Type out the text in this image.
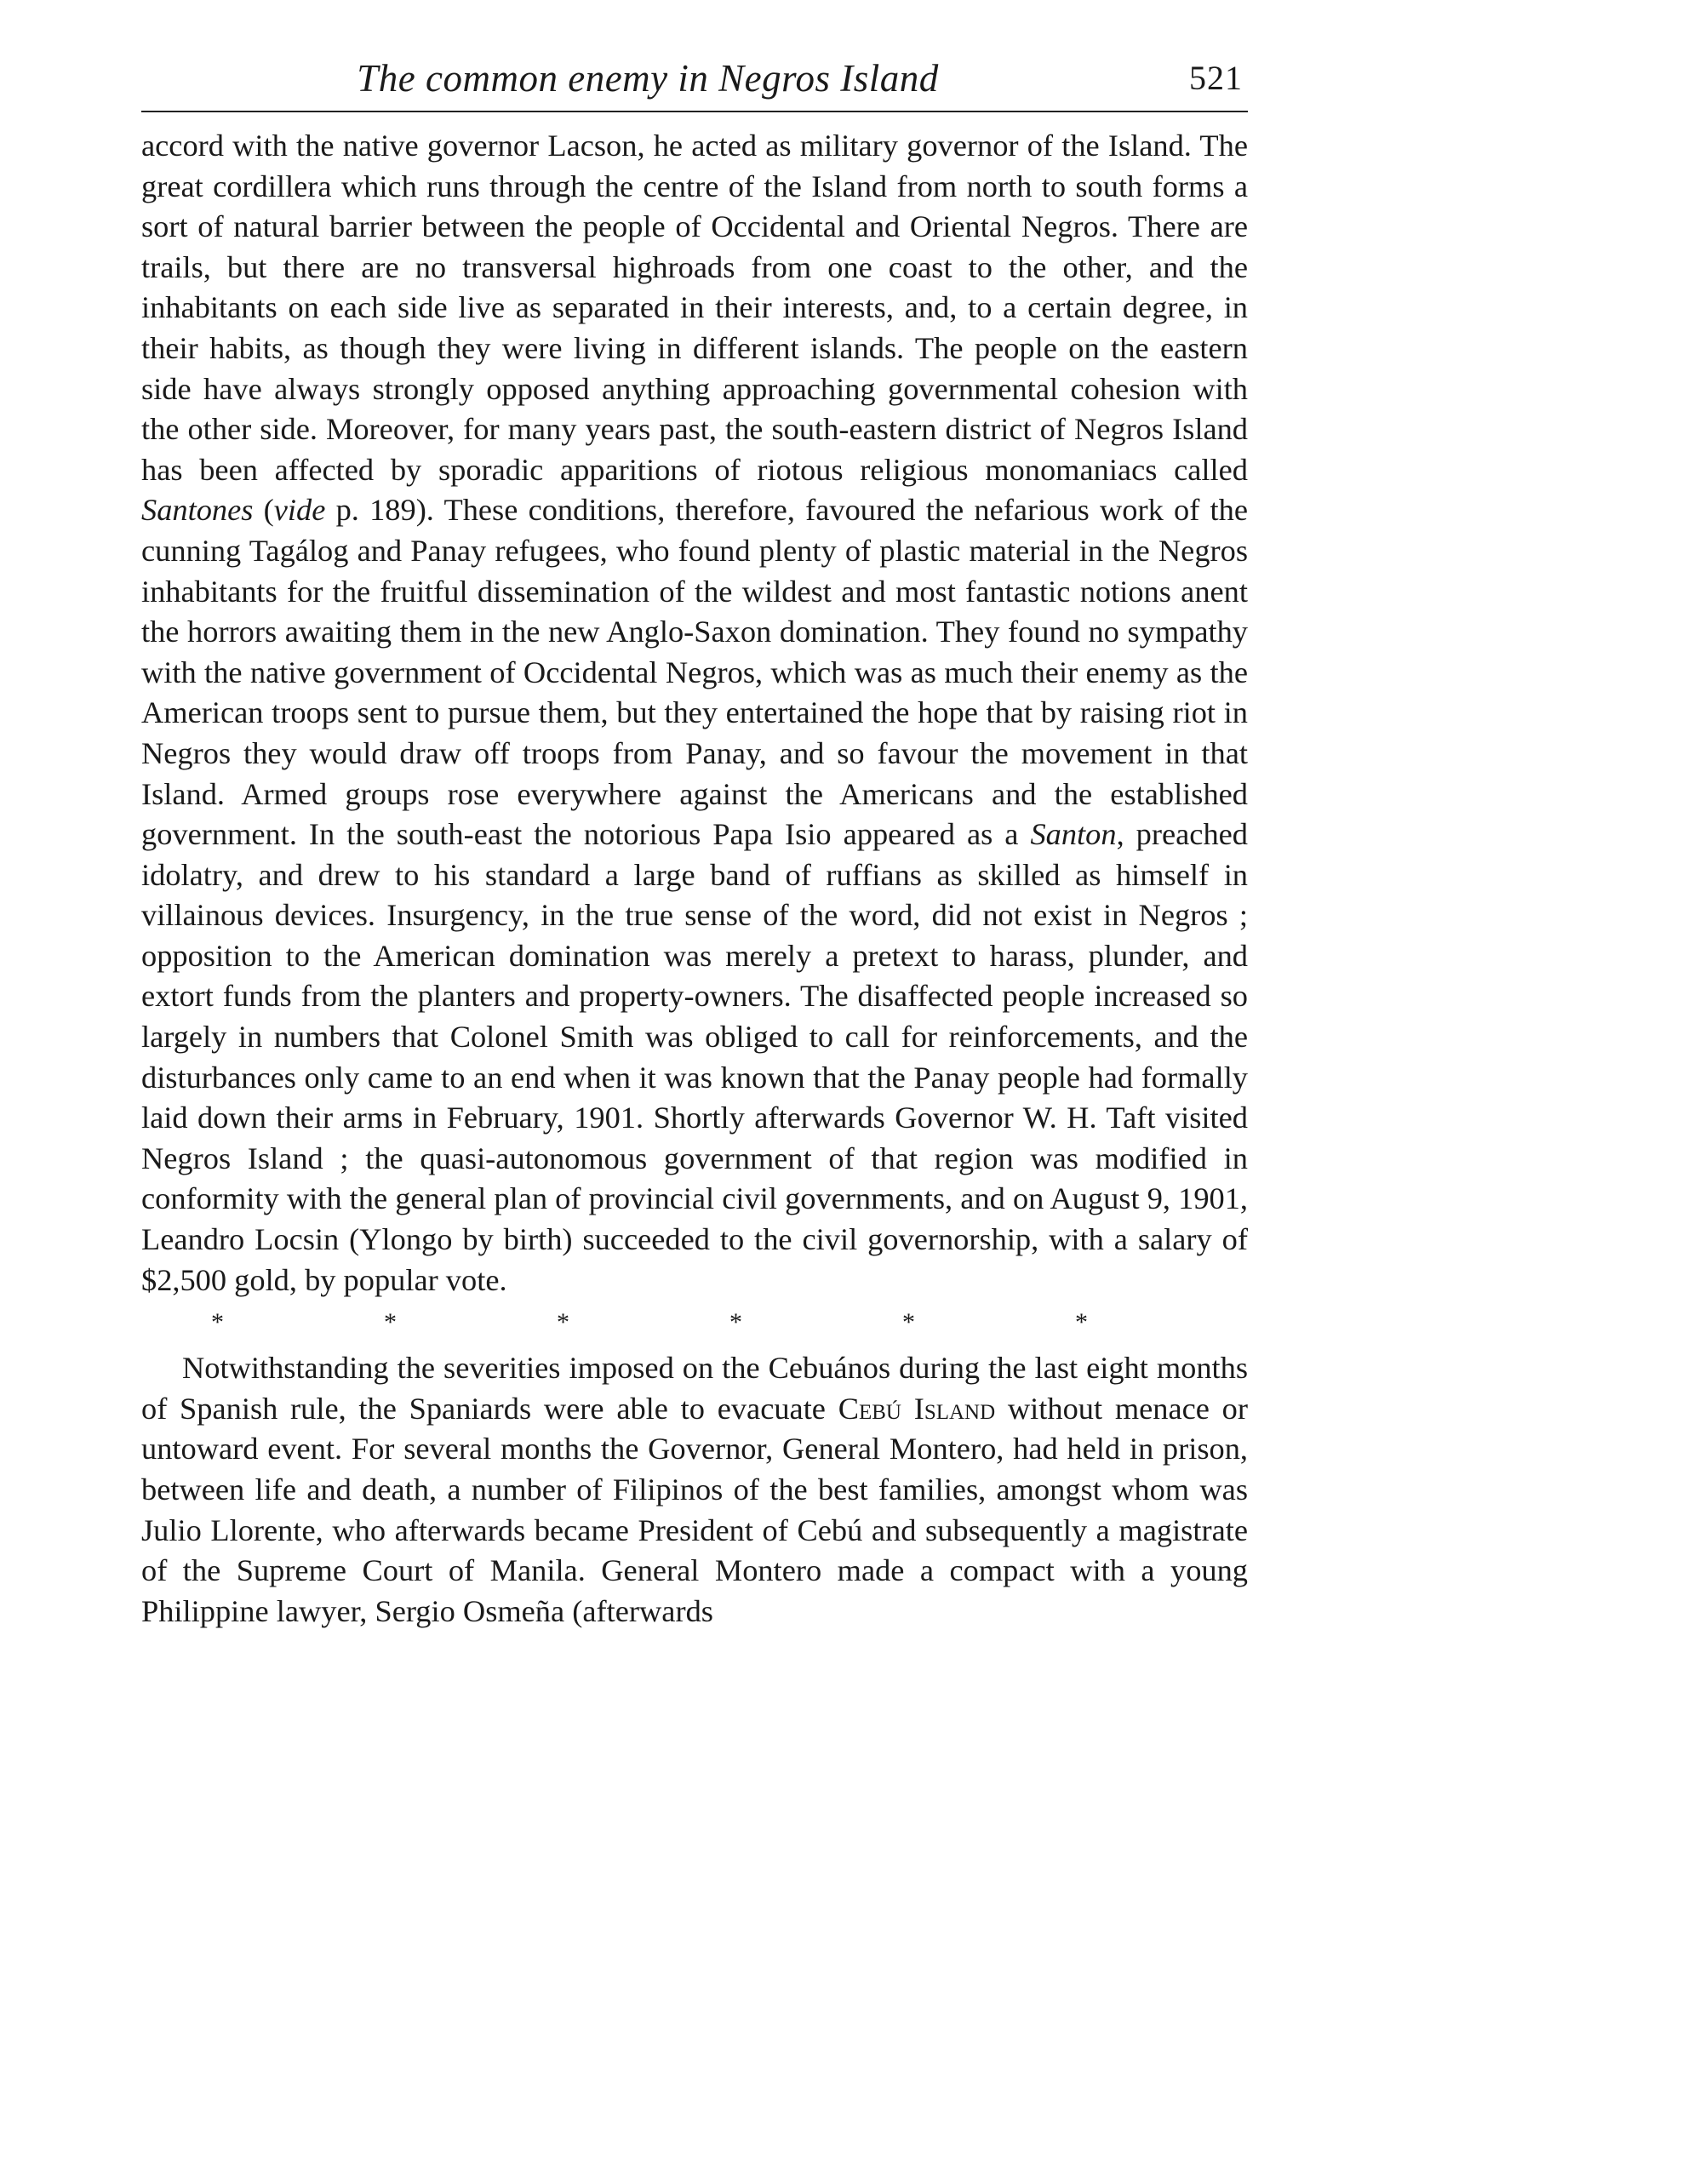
The common enemy in Negros Island	521

accord with the native governor Lacson, he acted as military governor of the Island. The great cordillera which runs through the centre of the Island from north to south forms a sort of natural barrier between the people of Occidental and Oriental Negros. There are trails, but there are no transversal highroads from one coast to the other, and the inhabitants on each side live as separated in their interests, and, to a certain degree, in their habits, as though they were living in different islands. The people on the eastern side have always strongly opposed anything approaching governmental cohesion with the other side. Moreover, for many years past, the south-eastern district of Negros Island has been affected by sporadic apparitions of riotous religious monomaniacs called Santones (vide p. 189). These conditions, therefore, favoured the nefarious work of the cunning Tagálog and Panay refugees, who found plenty of plastic material in the Negros inhabitants for the fruitful dissemination of the wildest and most fantastic notions anent the horrors awaiting them in the new Anglo-Saxon domination. They found no sympathy with the native government of Occidental Negros, which was as much their enemy as the American troops sent to pursue them, but they entertained the hope that by raising riot in Negros they would draw off troops from Panay, and so favour the movement in that Island. Armed groups rose everywhere against the Americans and the established government. In the south-east the notorious Papa Isio appeared as a Santon, preached idolatry, and drew to his standard a large band of ruffians as skilled as himself in villainous devices. Insurgency, in the true sense of the word, did not exist in Negros ; opposition to the American domination was merely a pretext to harass, plunder, and extort funds from the planters and property-owners. The disaffected people increased so largely in numbers that Colonel Smith was obliged to call for reinforcements, and the disturbances only came to an end when it was known that the Panay people had formally laid down their arms in February, 1901. Shortly afterwards Governor W. H. Taft visited Negros Island ; the quasi-autonomous government of that region was modified in conformity with the general plan of provincial civil governments, and on August 9, 1901, Leandro Locsin (Ylongo by birth) succeeded to the civil governorship, with a salary of $2,500 gold, by popular vote.

*	*	*	*	*	*

Notwithstanding the severities imposed on the Cebuános during the last eight months of Spanish rule, the Spaniards were able to evacuate Cebú Island without menace or untoward event. For several months the Governor, General Montero, had held in prison, between life and death, a number of Filipinos of the best families, amongst whom was Julio Llorente, who afterwards became President of Cebú and subsequently a magistrate of the Supreme Court of Manila. General Montero made a compact with a young Philippine lawyer, Sergio Osmeña (afterwards
